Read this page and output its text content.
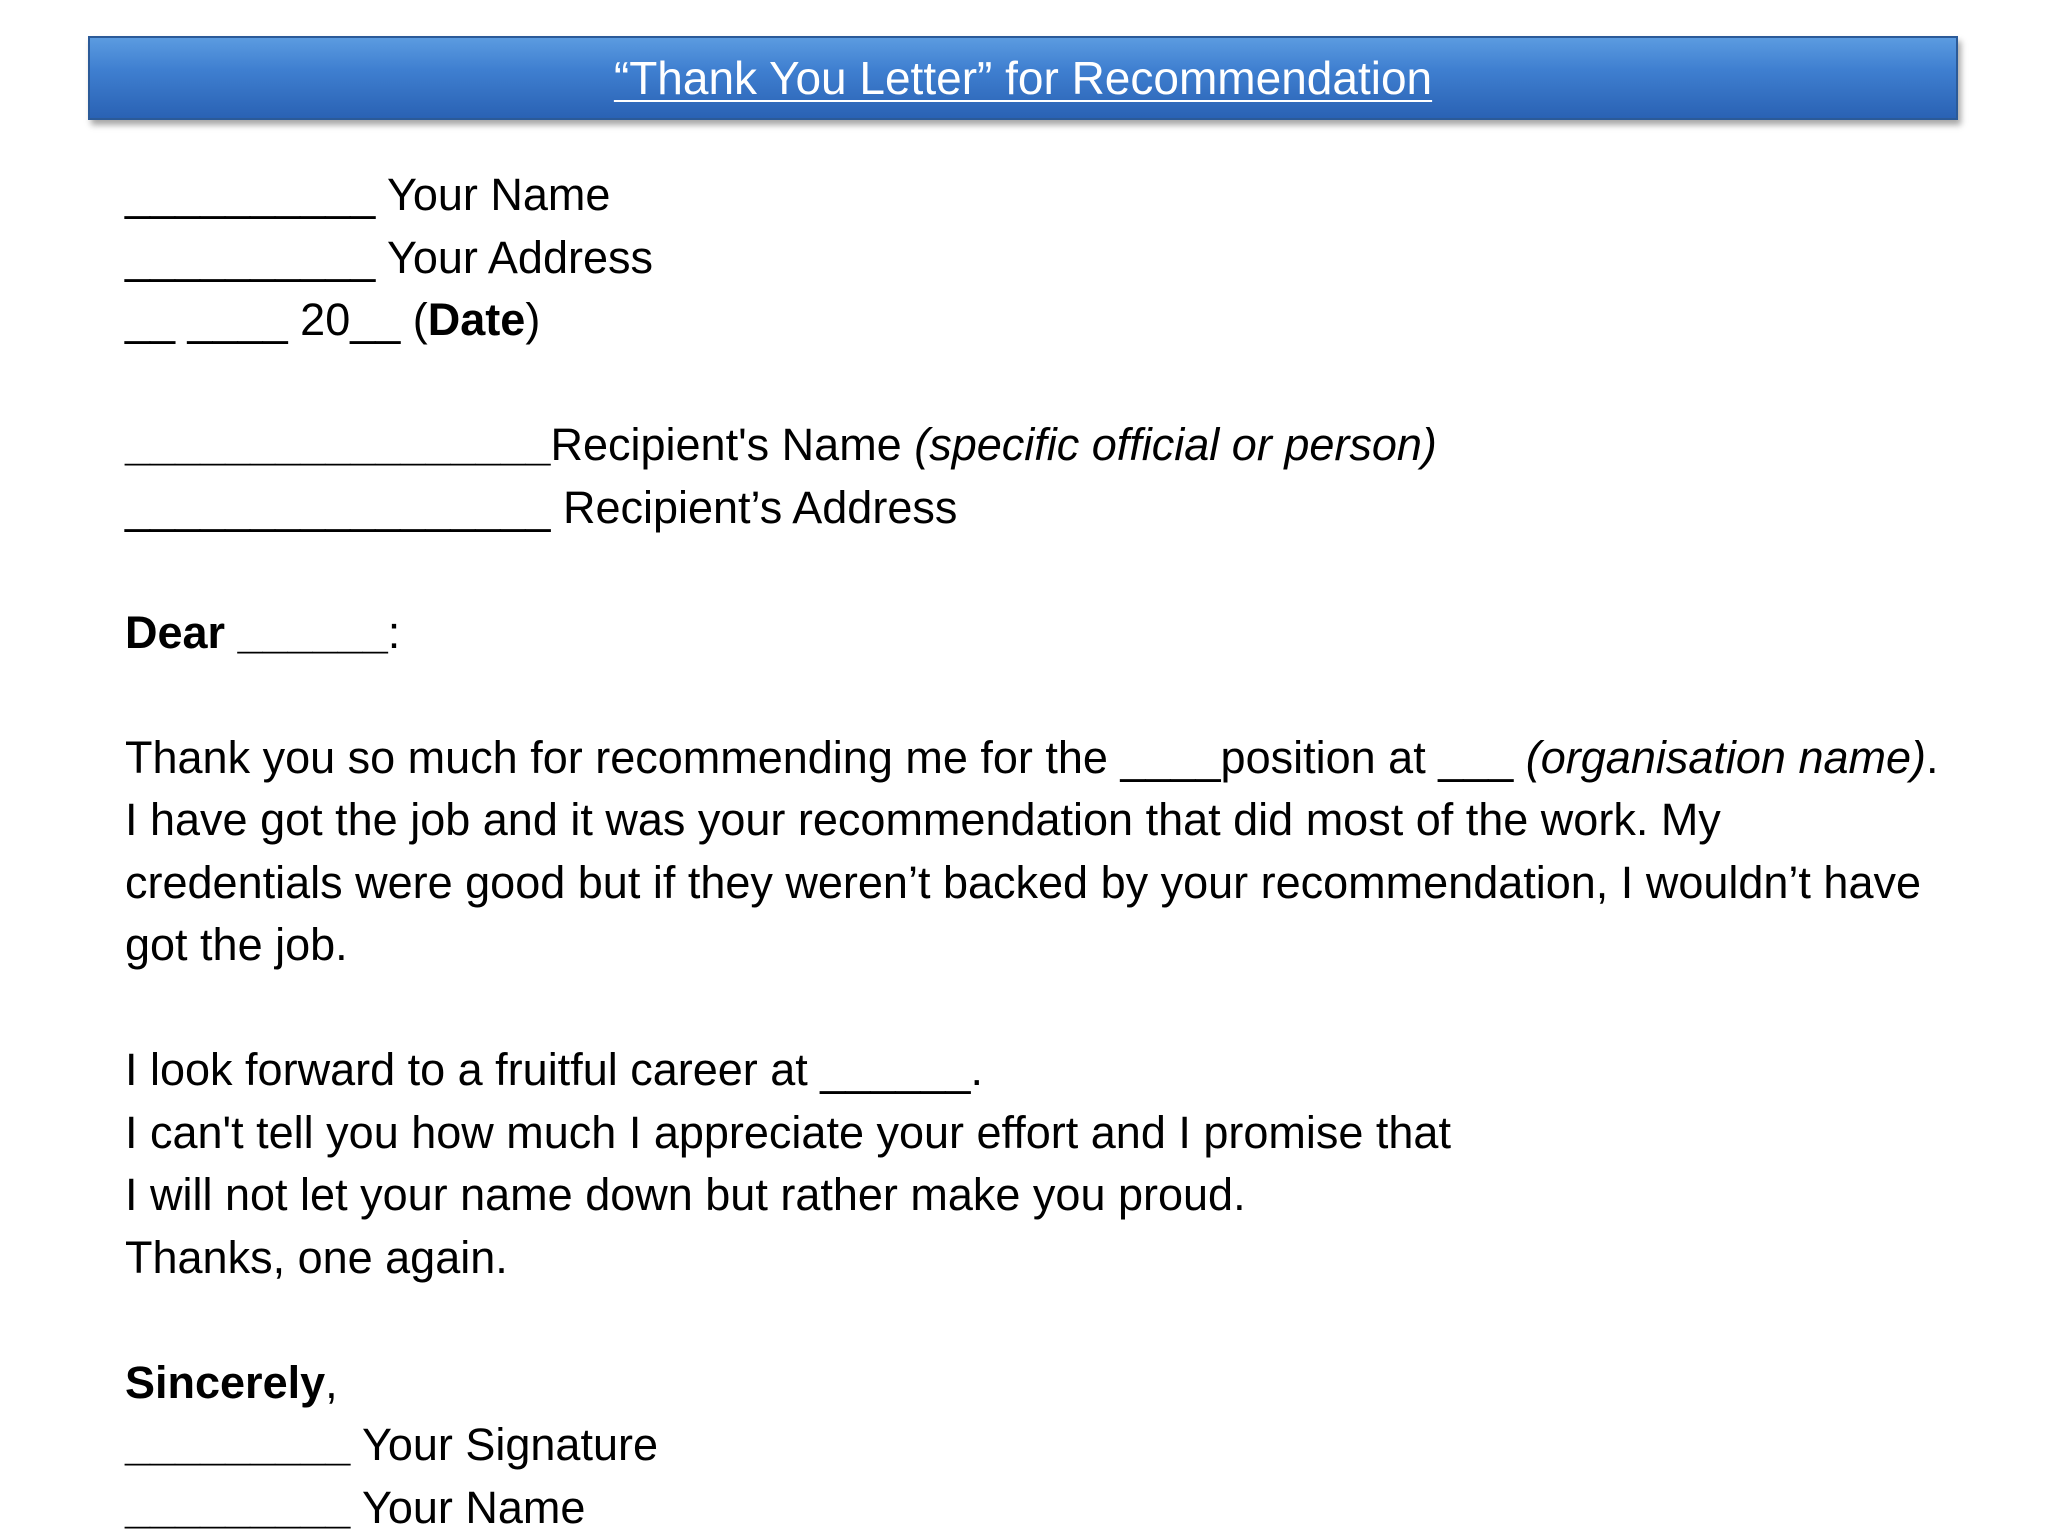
“Thank You Letter” for Recommendation
__________ Your Name
__________ Your Address
__ ____ 20__ (Date)
_________________Recipient's Name (specific official or person)
_________________ Recipient’s Address
Dear ______:
Thank you so much for recommending me for the ____position at ___ (organisation name). I have got the job and it was your recommendation that did most of the work. My credentials were good but if they weren’t backed by your recommendation, I wouldn’t have got the job.
I look forward to a fruitful career at ______.
I can't tell you how much I appreciate your effort and I promise that
I will not let your name down but rather make you proud.
Thanks, one again.
Sincerely,
_________ Your Signature
_________ Your Name
